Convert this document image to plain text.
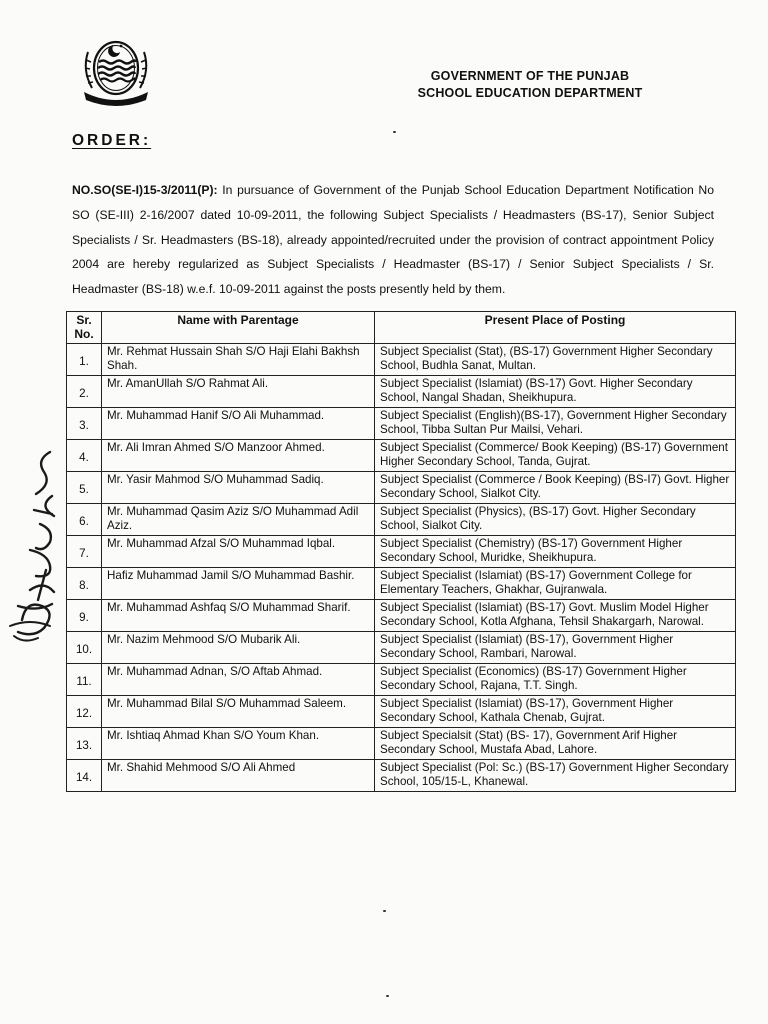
GOVERNMENT OF THE PUNJAB
SCHOOL EDUCATION DEPARTMENT
ORDER:

NO.SO(SE-I)15-3/2011(P): In pursuance of Government of the Punjab School Education Department Notification No SO (SE-III) 2-16/2007 dated 10-09-2011, the following Subject Specialists / Headmasters (BS-17), Senior Subject Specialists / Sr. Headmasters (BS-18), already appointed/recruited under the provision of contract appointment Policy 2004 are hereby regularized as Subject Specialists / Headmaster (BS-17) / Senior Subject Specialists / Sr. Headmaster (BS-18) w.e.f. 10-09-2011 against the posts presently held by them.

Sr. No.	Name with Parentage	Present Place of Posting
1.	Mr. Rehmat Hussain Shah S/O Haji Elahi Bakhsh Shah.	Subject Specialist (Stat), (BS-17) Government Higher Secondary School, Budhla Sanat, Multan.
2.	Mr. AmanUllah S/O Rahmat Ali.	Subject Specialist (Islamiat) (BS-17) Govt. Higher Secondary School, Nangal Shadan, Sheikhupura.
3.	Mr. Muhammad Hanif S/O Ali Muhammad.	Subject Specialist (English)(BS-17), Government Higher Secondary School, Tibba Sultan Pur Mailsi, Vehari.
4.	Mr. Ali Imran Ahmed S/O Manzoor Ahmed.	Subject Specialist (Commerce/ Book Keeping) (BS-17) Government Higher Secondary School, Tanda, Gujrat.
5.	Mr. Yasir Mahmod S/O Muhammad Sadiq.	Subject Specialist (Commerce / Book Keeping) (BS-I7) Govt. Higher Secondary School, Sialkot City.
6.	Mr. Muhammad Qasim Aziz S/O Muhammad Adil Aziz.	Subject Specialist (Physics), (BS-17) Govt. Higher Secondary School, Sialkot City.
7.	Mr. Muhammad Afzal S/O Muhammad Iqbal.	Subject Specialist (Chemistry) (BS-17) Government Higher Secondary School, Muridke, Sheikhupura.
8.	Hafiz Muhammad Jamil S/O Muhammad Bashir.	Subject Specialist (Islamiat) (BS-17) Government College for Elementary Teachers, Ghakhar, Gujranwala.
9.	Mr. Muhammad Ashfaq S/O Muhammad Sharif.	Subject Specialist (Islamiat) (BS-17) Govt. Muslim Model Higher Secondary School, Kotla Afghana, Tehsil Shakargarh, Narowal.
10.	Mr. Nazim Mehmood S/O Mubarik Ali.	Subject Specialist (Islamiat) (BS-17), Government Higher Secondary School, Rambari, Narowal.
11.	Mr. Muhammad Adnan, S/O Aftab Ahmad.	Subject Specialist (Economics) (BS-17) Government Higher Secondary School, Rajana, T.T. Singh.
12.	Mr. Muhammad Bilal S/O Muhammad Saleem.	Subject Specialist (Islamiat) (BS-17), Government Higher Secondary School, Kathala Chenab, Gujrat.
13.	Mr. Ishtiaq Ahmad Khan S/O Youm Khan.	Subject Specialsit (Stat) (BS- 17), Government Arif Higher Secondary School, Mustafa Abad, Lahore.
14.	Mr. Shahid Mehmood S/O Ali Ahmed	Subject Specialist (Pol: Sc.) (BS-17) Government Higher Secondary School, 105/15-L, Khanewal.
